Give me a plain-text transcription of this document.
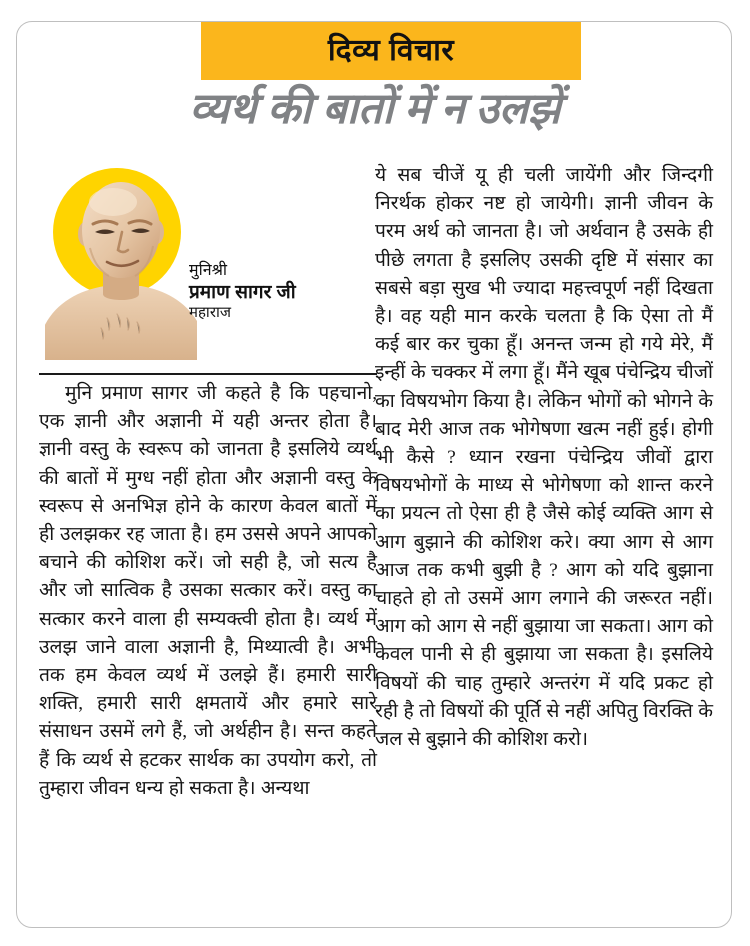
दिव्य विचार
व्यर्थ की बातों में न उलझें
मुनिश्री
प्रमाण सागर जी
महाराज

मुनि प्रमाण सागर जी कहते है कि पहचानो, एक ज्ञानी और अज्ञानी में यही अन्तर होता है। ज्ञानी वस्तु के स्वरूप को जानता है इसलिये व्यर्थ की बातों में मुग्ध नहीं होता और अज्ञानी वस्तु के स्वरूप से अनभिज्ञ होने के कारण केवल बातों में ही उलझकर रह जाता है। हम उससे अपने आपको बचाने की कोशिश करें। जो सही है, जो सत्य है और जो सात्विक है उसका सत्कार करें। वस्तु का सत्कार करने वाला ही सम्यक्त्वी होता है। व्यर्थ में उलझ जाने वाला अज्ञानी है, मिथ्यात्वी है। अभी तक हम केवल व्यर्थ में उलझे हैं। हमारी सारी शक्ति, हमारी सारी क्षमतायें और हमारे सारे संसाधन उसमें लगे हैं, जो अर्थहीन है। सन्त कहते हैं कि व्यर्थ से हटकर सार्थक का उपयोग करो, तो तुम्हारा जीवन धन्य हो सकता है। अन्यथा

ये सब चीजें यू ही चली जायेंगी और जिन्दगी निरर्थक होकर नष्ट हो जायेगी। ज्ञानी जीवन के परम अर्थ को जानता है। जो अर्थवान है उसके ही पीछे लगता है इसलिए उसकी दृष्टि में संसार का सबसे बड़ा सुख भी ज्यादा महत्त्वपूर्ण नहीं दिखता है। वह यही मान करके चलता है कि ऐसा तो मैं कई बार कर चुका हूँ। अनन्त जन्म हो गये मेरे, मैं इन्हीं के चक्कर में लगा हूँ। मैंने खूब पंचेन्द्रिय चीजों का विषयभोग किया है। लेकिन भोगों को भोगने के बाद मेरी आज तक भोगेषणा खत्म नहीं हुई। होगी भी कैसे ? ध्यान रखना पंचेन्द्रिय जीवों द्वारा विषयभोगों के माध्य से भोगेषणा को शान्त करने का प्रयत्न तो ऐसा ही है जैसे कोई व्यक्ति आग से आग बुझाने की कोशिश करे। क्या आग से आग आज तक कभी बुझी है ? आग को यदि बुझाना चाहते हो तो उसमें आग लगाने की जरूरत नहीं। आग को आग से नहीं बुझाया जा सकता। आग को केवल पानी से ही बुझाया जा सकता है। इसलिये विषयों की चाह तुम्हारे अन्तरंग में यदि प्रकट हो रही है तो विषयों की पूर्ति से नहीं अपितु विरक्ति के जल से बुझाने की कोशिश करो।
